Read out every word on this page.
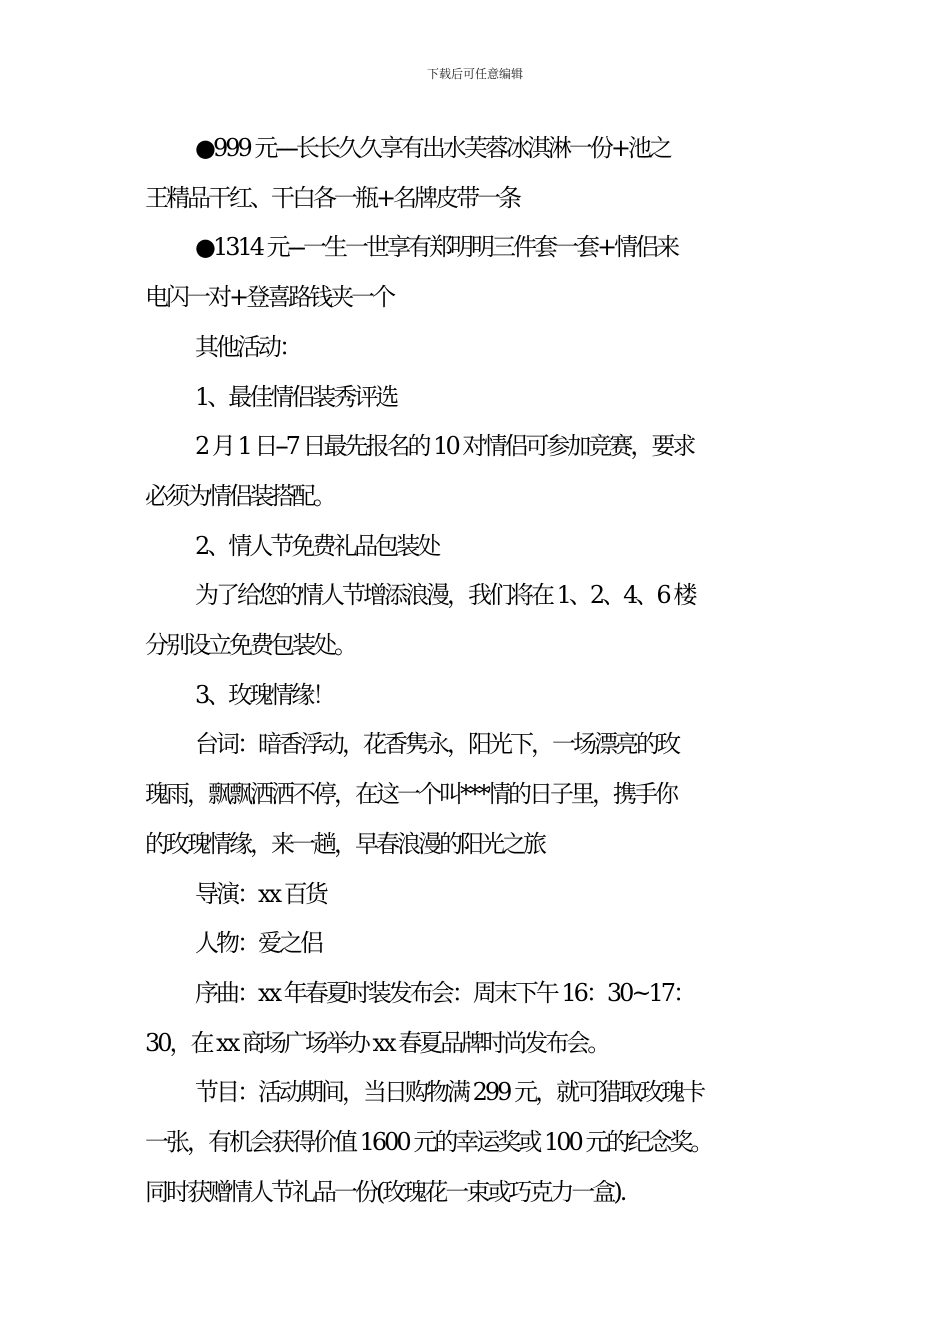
下载后可任意编辑

●999 元----长长久久享有出水芙蓉冰淇淋一份+池之
王精品干红、干白各一瓶+名牌皮带一条

●1314 元---一生一世享有郑明明三件套一套+情侣来
电闪一对+登喜路钱夹一个

其他活动：

1、最佳情侣装秀评选

2 月 1 日--7 日最先报名的 10 对情侣可参加竞赛，要求
必须为情侣装搭配。

2、情人节免费礼品包装处

为了给您的情人节增添浪漫，我们将在 1、2、4、6 楼
分别设立免费包装处。

3、玫瑰情缘！

台词：暗香浮动，花香隽永，阳光下，一场漂亮的玫
瑰雨，飘飘洒洒不停，在这一个叫***情的日子里，携手你
的玫瑰情缘，来一趟，早春浪漫的阳光之旅

导演：xx 百货

人物：爱之侣

序曲：xx 年春夏时装发布会：周末下午 16：30~17：
30，在 xx 商场广场举办 xx 春夏品牌时尚发布会。

节目：活动期间，当日购物满 299 元，就可猎取玫瑰卡
一张，有机会获得价值 1600 元的幸运奖或 100 元的纪念奖。
同时获赠情人节礼品一份(玫瑰花一束或巧克力一盒).
